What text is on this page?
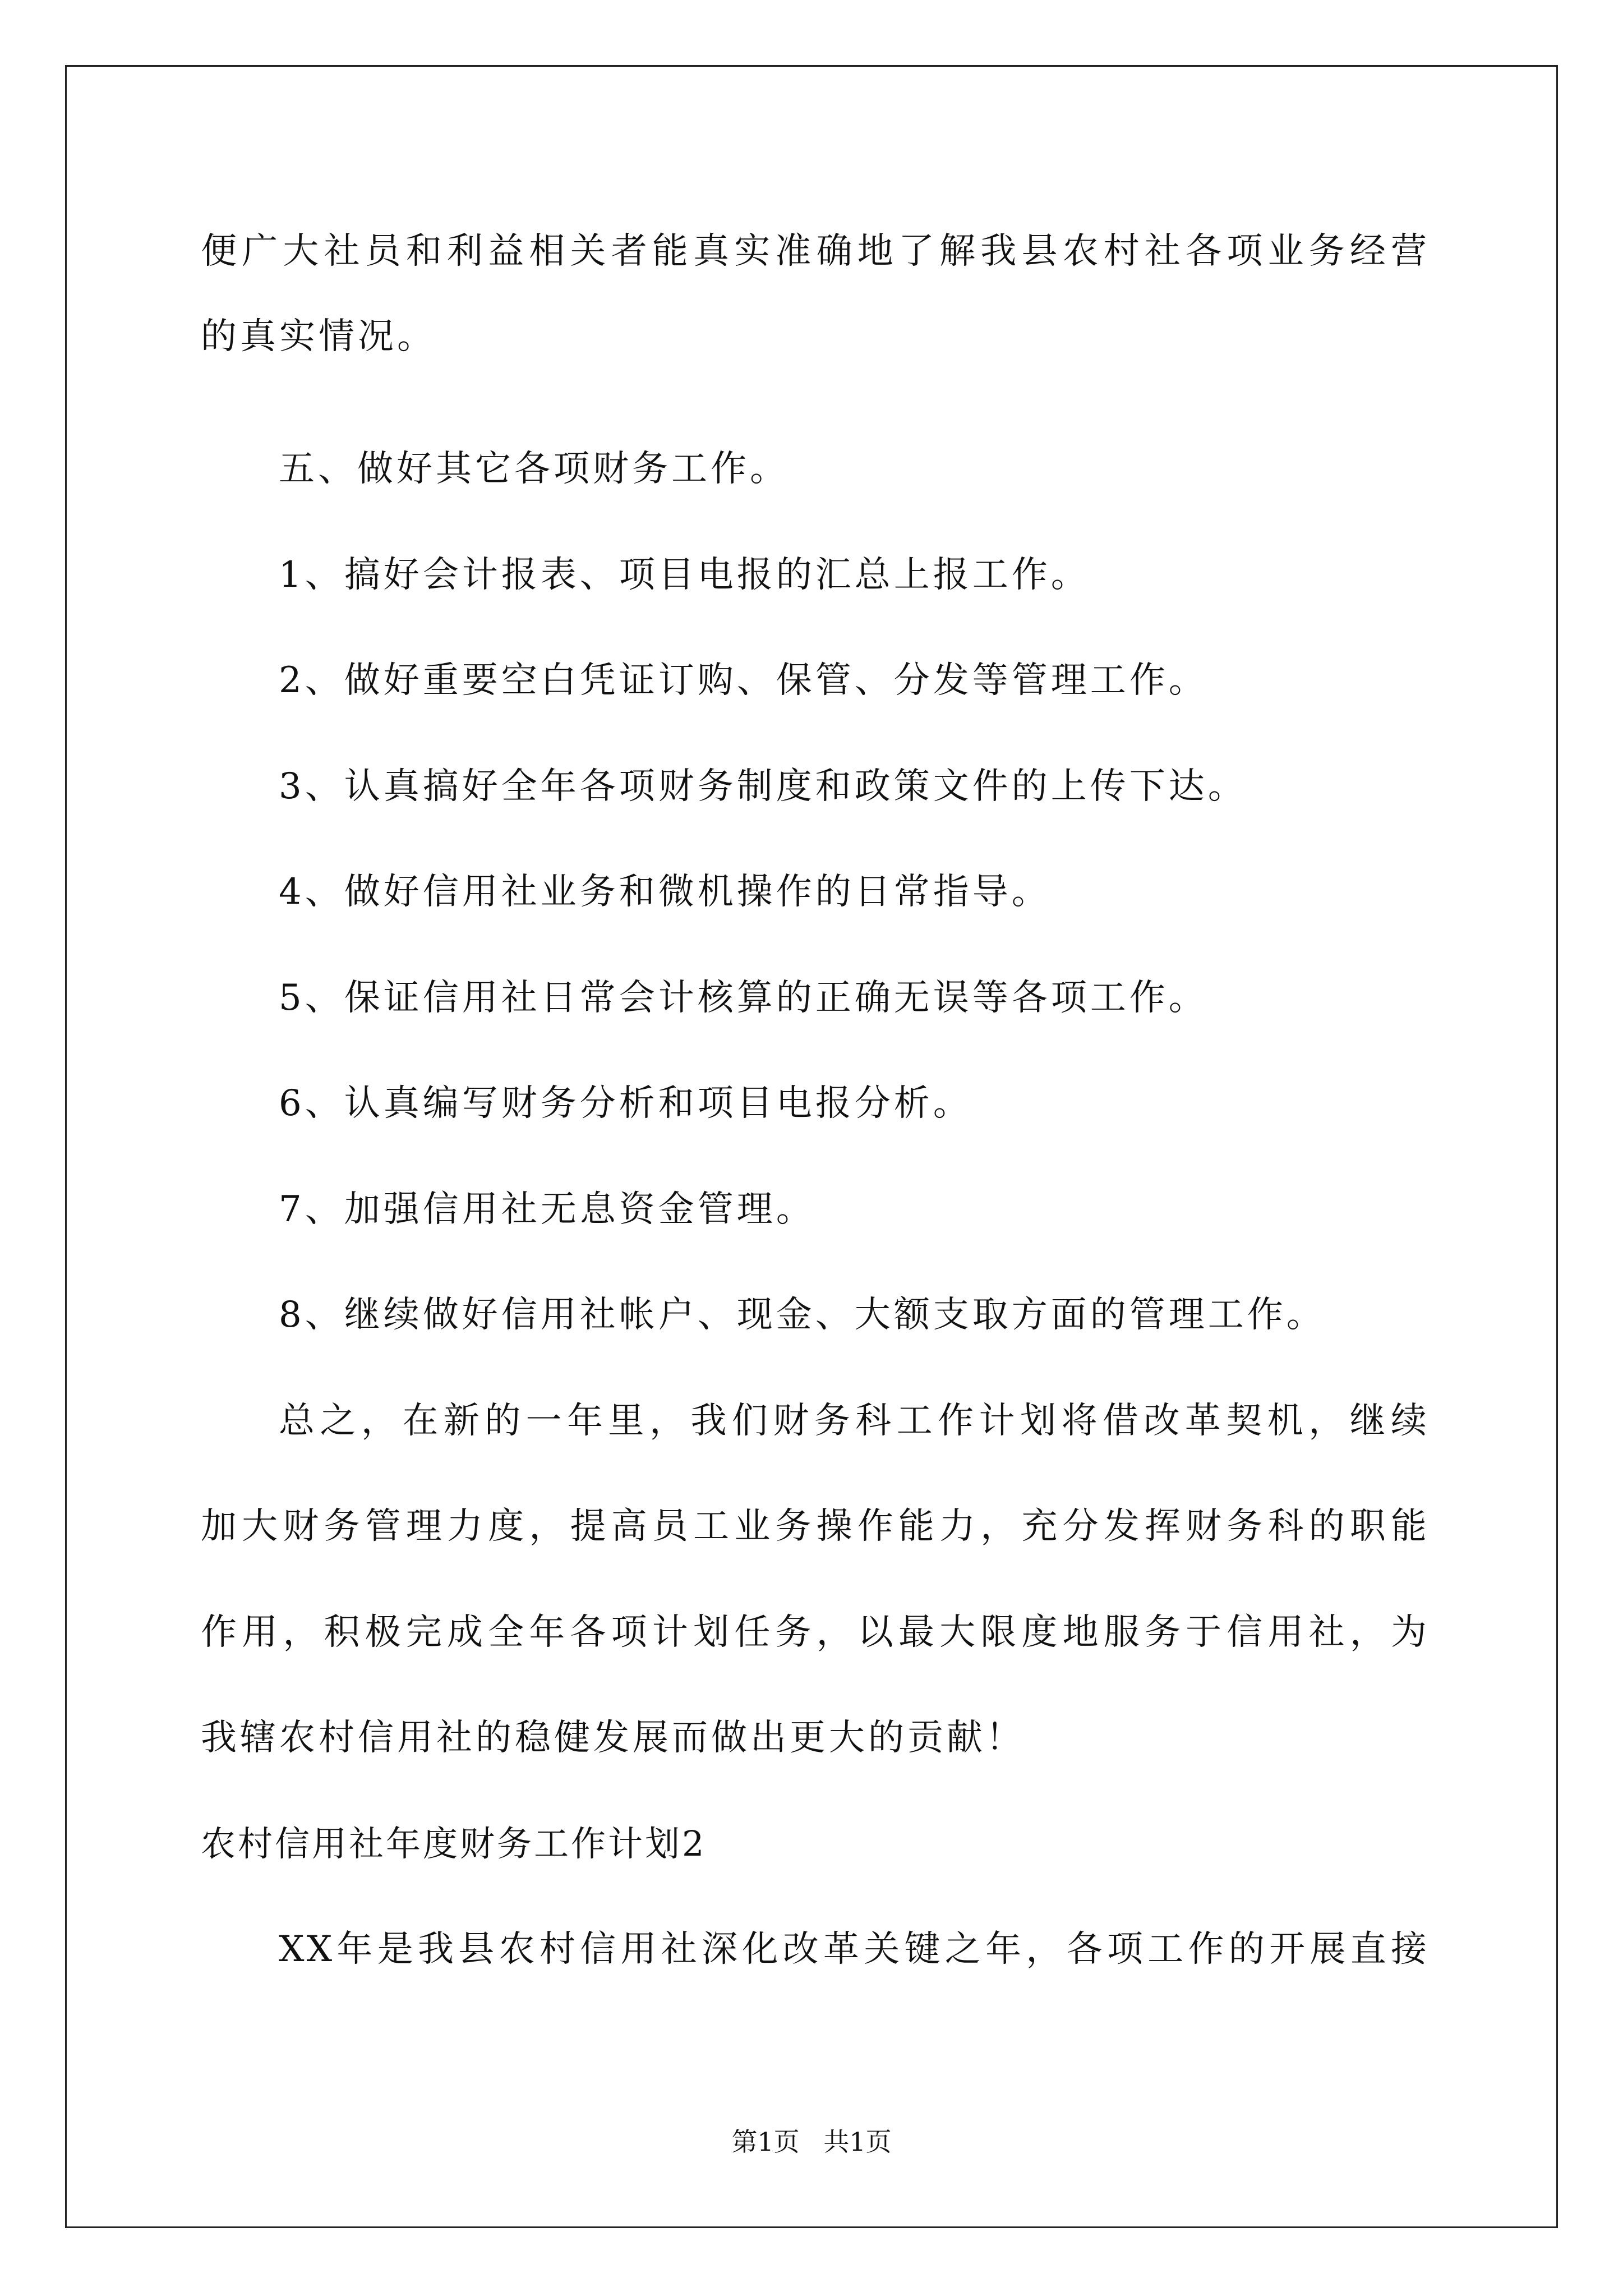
便广大社员和利益相关者能真实准确地了解我县农村社各项业务经营
的真实情况。
五、做好其它各项财务工作。
1、搞好会计报表、项目电报的汇总上报工作。
2、做好重要空白凭证订购、保管、分发等管理工作。
3、认真搞好全年各项财务制度和政策文件的上传下达。
4、做好信用社业务和微机操作的日常指导。
5、保证信用社日常会计核算的正确无误等各项工作。
6、认真编写财务分析和项目电报分析。
7、加强信用社无息资金管理。
8、继续做好信用社帐户、现金、大额支取方面的管理工作。
总之，在新的一年里，我们财务科工作计划将借改革契机，继续
加大财务管理力度，提高员工业务操作能力，充分发挥财务科的职能
作用，积极完成全年各项计划任务，以最大限度地服务于信用社，为
我辖农村信用社的稳健发展而做出更大的贡献！
农村信用社年度财务工作计划2
XX年是我县农村信用社深化改革关键之年，各项工作的开展直接
第1页 共1页
